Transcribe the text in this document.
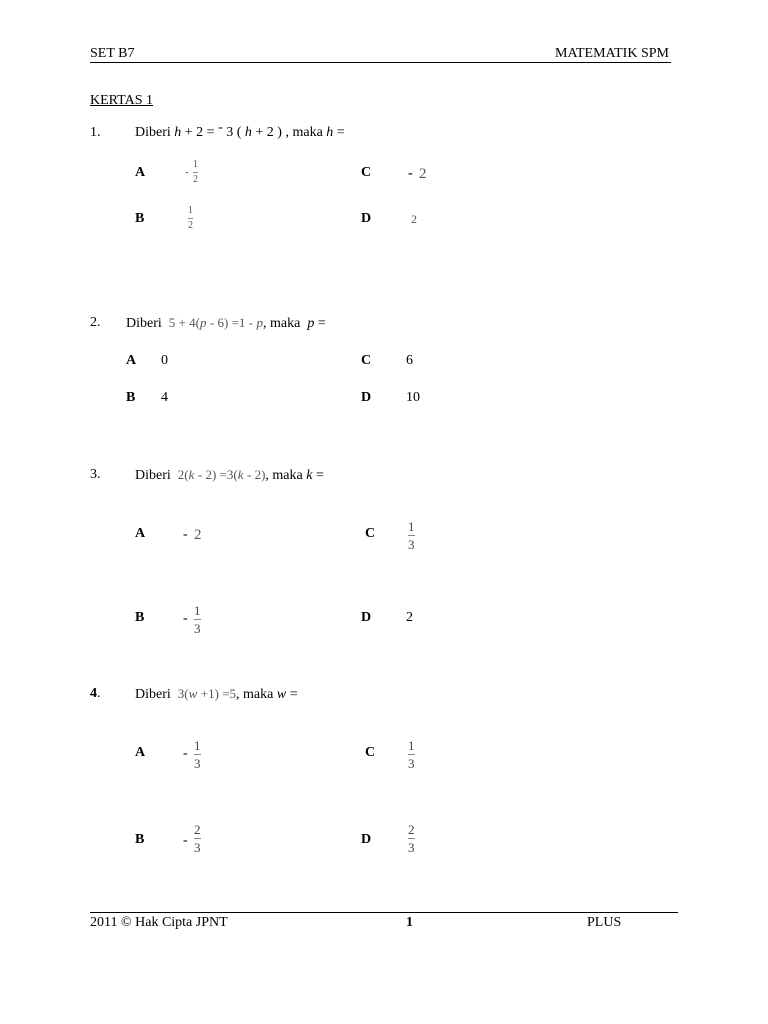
SET B7	MATEMATIK SPM
KERTAS 1
1. Diberi h + 2 = - 3 ( h + 2 ) , maka h =
A	-
1
2	C	- 2
B
1
2	D	2
2. Diberi 5 + 4(p - 6) =1 - p, maka p =
A 0	C 6
B 4	D 10
3. Diberi 2(k - 2) =3(k - 2), maka k =
A	- 2	C	1
3
B	-
1
3
D 2
4. Diberi 3(w +1) =5, maka w =
A	-
1
3
C	1
3
B	-
2
3
D
2
3
2011 © Hak Cipta JPNT	1	PLUS
